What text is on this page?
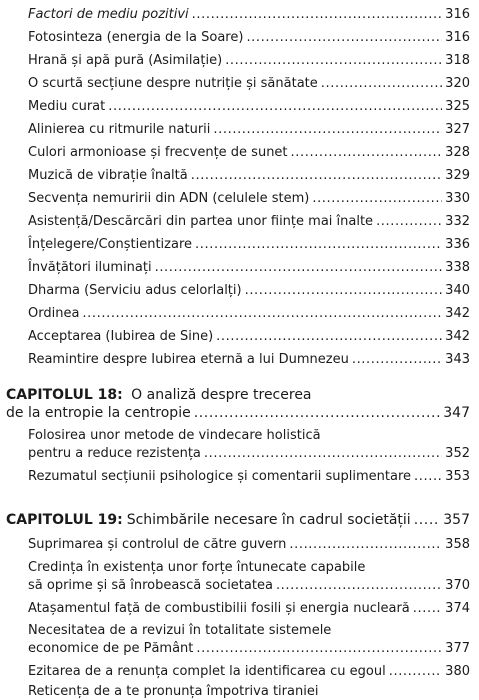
Factori de mediu pozitivi .....	316
Fotosinteza (energia de la Soare) .....	316
Hrană și apă pură (Asimilație) .....	318
O scurtă secțiune despre nutriție și sănătate .....	320
Mediu curat .....	325
Alinierea cu ritmurile naturii .....	327
Culori armonioase și frecvențe de sunet .....	328
Muzică de vibrație înaltă .....	329
Secvența nemuririi din ADN (celulele stem) .....	330
Asistență/Descărcări din partea unor ființe mai înalte .....	332
Înțelegere/Conștientizare .....	336
Învățători iluminați .....	338
Dharma (Serviciu adus celorlalți) .....	340
Ordinea .....	342
Acceptarea (Iubirea de Sine) .....	342
Reamintire despre Iubirea eternă a lui Dumnezeu .....	343
CAPITOLUL 18: O analiză despre trecerea
de la entropie la centropie .....	347
Folosirea unor metode de vindecare holistică
pentru a reduce rezistența .....	352
Rezumatul secțiunii psihologice și comentarii suplimentare .....	353
CAPITOLUL 19: Schimbările necesare în cadrul societății ..... 357
Suprimarea și controlul de către guvern .....	358
Credința în existența unor forțe întunecate capabile
să oprime și să înrobească societatea .....	370
Atașamentul față de combustibilii fosili și energia nucleară .....	374
Necesitatea de a revizui în totalitate sistemele
economice de pe Pământ .....	377
Ezitarea de a renunța complet la identificarea cu egoul .....	380
Reticența de a te pronunța împotriva tiraniei
.....
